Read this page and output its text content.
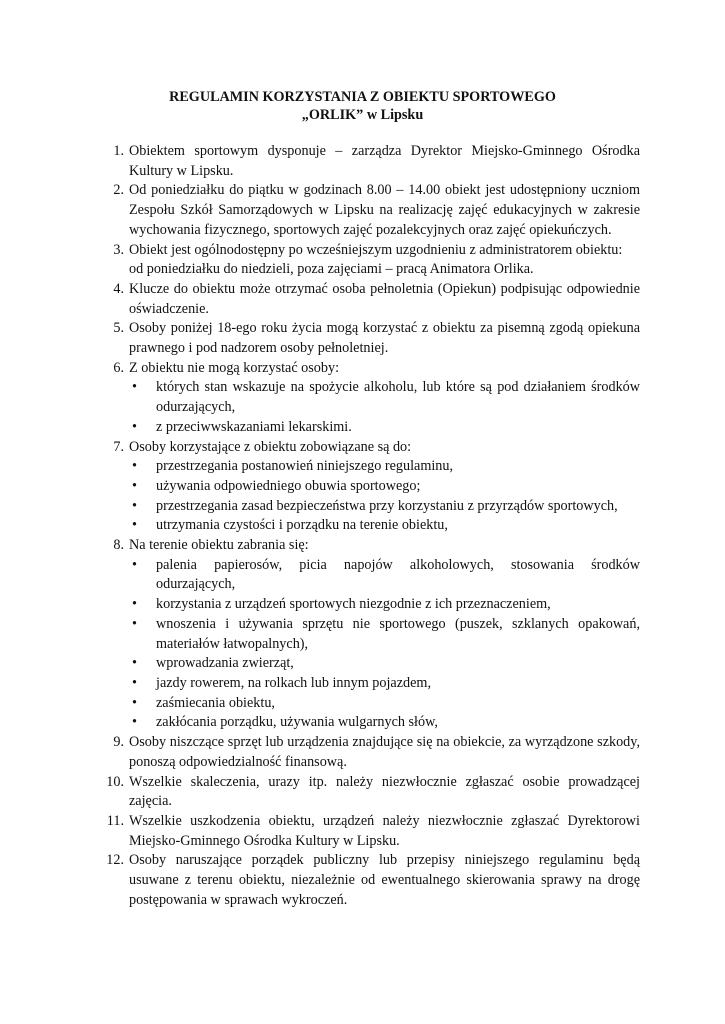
REGULAMIN KORZYSTANIA Z OBIEKTU SPORTOWEGO
„ORLIK” w Lipsku
1. Obiektem sportowym dysponuje – zarządza Dyrektor Miejsko-Gminnego Ośrodka Kultury w Lipsku.
2. Od poniedziałku do piątku w godzinach 8.00 – 14.00 obiekt jest udostępniony uczniom Zespołu Szkół Samorządowych w Lipsku na realizację zajęć edukacyjnych w zakresie wychowania fizycznego, sportowych zajęć pozalekcyjnych oraz zajęć opiekuńczych.
3. Obiekt jest ogólnodostępny po wcześniejszym uzgodnieniu z administratorem obiektu:
od poniedziałku do niedzieli, poza zajęciami – pracą Animatora Orlika.
4. Klucze do obiektu może otrzymać osoba pełnoletnia (Opiekun) podpisując odpowiednie oświadczenie.
5. Osoby poniżej 18-ego roku życia mogą korzystać z obiektu za pisemną zgodą opiekuna prawnego i pod nadzorem osoby pełnoletniej.
6. Z obiektu nie mogą korzystać osoby:
• których stan wskazuje na spożycie alkoholu, lub które są pod działaniem środków odurzających,
• z przeciwwskazaniami lekarskimi.
7. Osoby korzystające z obiektu zobowiązane są do:
• przestrzegania postanowień niniejszego regulaminu,
• używania odpowiedniego obuwia sportowego;
• przestrzegania zasad bezpieczeństwa przy korzystaniu z przyrządów sportowych,
• utrzymania czystości i porządku na terenie obiektu,
8. Na terenie obiektu zabrania się:
• palenia papierosów, picia napojów alkoholowych, stosowania środków odurzających,
• korzystania z urządzeń sportowych niezgodnie z ich przeznaczeniem,
• wnoszenia i używania sprzętu nie sportowego (puszek, szklanych opakowań, materiałów łatwopalnych),
• wprowadzania zwierząt,
• jazdy rowerem, na rolkach lub innym pojazdem,
• zaśmiecania obiektu,
• zakłócania porządku, używania wulgarnych słów,
9. Osoby niszczące sprzęt lub urządzenia znajdujące się na obiekcie, za wyrządzone szkody, ponoszą odpowiedzialność finansową.
10. Wszelkie skaleczenia, urazy itp. należy niezwłocznie zgłaszać osobie prowadzącej zajęcia.
11. Wszelkie uszkodzenia obiektu, urządzeń należy niezwłocznie zgłaszać Dyrektorowi Miejsko-Gminnego Ośrodka Kultury w Lipsku.
12. Osoby naruszające porządek publiczny lub przepisy niniejszego regulaminu będą usuwane z terenu obiektu, niezależnie od ewentualnego skierowania sprawy na drogę postępowania w sprawach wykroczeń.
